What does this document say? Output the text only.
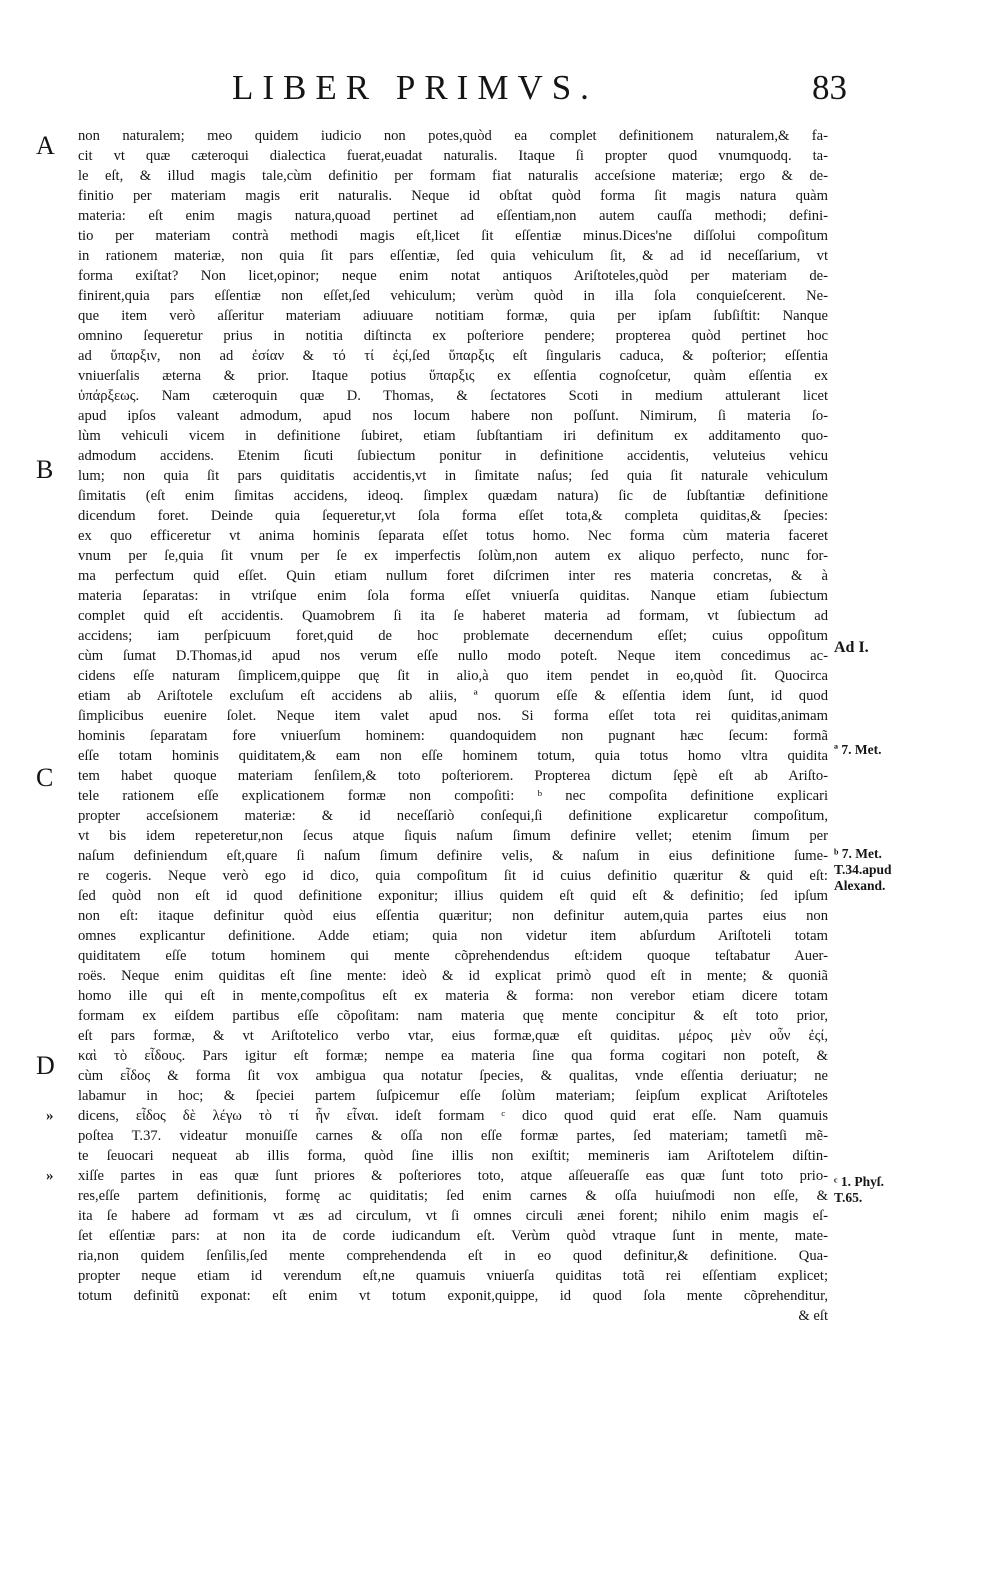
LIBER PRIMVS.	83
A
B
C
D
»
»
Ad I.
ª 7. Met.
ᵇ 7. Met.
T.34.apud
Alexand.
ᶜ 1. Phyſ.
T.65.
non naturalem; meo quidem iudicio non potes,quòd ea complet definitionem naturalem,& fa-
cit vt quæ cæteroqui dialectica fuerat,euadat naturalis. Itaque ſi propter quod vnumquodq. ta-
le eſt, & illud magis tale,cùm definitio per formam fiat naturalis acceſsione materiæ; ergo & de-
finitio per materiam magis erit naturalis. Neque id obſtat quòd forma ſit magis natura quàm
materia: eſt enim magis natura,quoad pertinet ad eſſentiam,non autem cauſſa methodi; defini-
tio per materiam contrà methodi magis eſt,licet ſit eſſentiæ minus.Dices'ne diſſolui compoſitum
in rationem materiæ, non quia ſit pars eſſentiæ, ſed quia vehiculum ſit, & ad id neceſſarium, vt
forma exiſtat? Non licet,opinor; neque enim notat antiquos Ariſtoteles,quòd per materiam de-
finirent,quia pars eſſentiæ non eſſet,ſed vehiculum; verùm quòd in illa ſola conquieſcerent. Ne-
que item verò aſſeritur materiam adiuuare notitiam formæ, quia per ipſam ſubſiſtit: Nanque
omnino ſequeretur prius in notitia diſtincta ex poſteriore pendere; propterea quòd pertinet hoc
ad ὕπαρξιν, non ad ἐσίαν & τό τί ἐςί,ſed ὕπαρξις eſt ſingularis caduca, & poſterior; eſſentia
vniuerſalis æterna & prior. Itaque potius ὕπαρξις ex eſſentia cognoſcetur, quàm eſſentia ex
ὑπάρξεως. Nam cæteroquin quæ D. Thomas, & ſectatores Scoti in medium attulerant licet
apud ipſos valeant admodum, apud nos locum habere non poſſunt. Nimirum, ſi materia ſo-
lùm vehiculi vicem in definitione ſubiret, etiam ſubſtantiam iri definitum ex additamento quo-
admodum accidens. Etenim ſicuti ſubiectum ponitur in definitione accidentis, veluteius vehicu
lum; non quia ſit pars quiditatis accidentis,vt in ſimitate naſus; ſed quia ſit naturale vehiculum
ſimitatis (eſt enim ſimitas accidens, ideoq. ſimplex quædam natura) ſic de ſubſtantiæ definitione
dicendum foret. Deinde quia ſequeretur,vt ſola forma eſſet tota,& completa quiditas,& ſpecies:
ex quo efficeretur vt anima hominis ſeparata eſſet totus homo. Nec forma cùm materia faceret
vnum per ſe,quia ſit vnum per ſe ex imperfectis ſolùm,non autem ex aliquo perfecto, nunc for-
ma perfectum quid eſſet. Quin etiam nullum foret diſcrimen inter res materia concretas, & à
materia ſeparatas: in vtriſque enim ſola forma eſſet vniuerſa quiditas. Nanque etiam ſubiectum
complet quid eſt accidentis. Quamobrem ſi ita ſe haberet materia ad formam, vt ſubiectum ad
accidens; iam perſpicuum foret,quid de hoc problemate decernendum eſſet; cuius oppoſitum
cùm ſumat D.Thomas,id apud nos verum eſſe nullo modo poteſt. Neque item concedimus ac-
cidens eſſe naturam ſimplicem,quippe quę ſit in alio,à quo item pendet in eo,quòd ſit. Quocirca
etiam ab Ariſtotele excluſum eſt accidens ab aliis, ª quorum eſſe & eſſentia idem ſunt, id quod
ſimplicibus euenire ſolet. Neque item valet apud nos. Si forma eſſet tota rei quiditas,animam
hominis ſeparatam fore vniuerſum hominem: quandoquidem non pugnant hæc ſecum: formã
eſſe totam hominis quiditatem,& eam non eſſe hominem totum, quia totus homo vltra quidita
tem habet quoque materiam ſenſilem,& toto poſteriorem. Propterea dictum ſępè eſt ab Ariſto-
tele rationem eſſe explicationem formæ non compoſiti: ᵇ nec compoſita definitione explicari
propter acceſsionem materiæ: & id neceſſariò conſequi,ſi definitione explicaretur compoſitum,
vt bis idem repeteretur,non ſecus atque ſiquis naſum ſimum definire vellet; etenim ſimum per
naſum definiendum eſt,quare ſi naſum ſimum definire velis, & naſum in eius definitione ſume-
re cogeris. Neque verò ego id dico, quia compoſitum ſit id cuius definitio quæritur & quid eſt:
ſed quòd non eſt id quod definitione exponitur; illius quidem eſt quid eſt & definitio; ſed ipſum
non eſt: itaque definitur quòd eius eſſentia quæritur; non definitur autem,quia partes eius non
omnes explicantur definitione. Adde etiam; quia non videtur item abſurdum Ariſtoteli totam
quiditatem eſſe totum hominem qui mente cõprehendendus eſt:idem quoque teſtabatur Auer-
roës. Neque enim quiditas eſt ſine mente: ideò & id explicat primò quod eſt in mente; & quoniã
homo ille qui eſt in mente,compoſitus eſt ex materia & forma: non verebor etiam dicere totam
formam ex eiſdem partibus eſſe cõpoſitam: nam materia quę mente concipitur & eſt toto prior,
eſt pars formæ, & vt Ariſtotelico verbo vtar, eius formæ,quæ eſt quiditas. μέρος μὲν οὖν ἐςί,
καὶ τὸ εἶδους. Pars igitur eſt formæ; nempe ea materia ſine qua forma cogitari non poteſt, &
cùm εἶδος & forma ſit vox ambigua qua notatur ſpecies, & qualitas, vnde eſſentia deriuatur; ne
labamur in hoc; & ſpeciei partem ſuſpicemur eſſe ſolùm materiam; ſeipſum explicat Ariſtoteles
dicens, εἶδος δὲ λέγω τὸ τί ἦν εἶναι. ideſt formam ᶜ dico quod quid erat eſſe. Nam quamuis
poſtea T.37. videatur monuiſſe carnes & oſſa non eſſe formæ partes, ſed materiam; tametſi mẽ-
te ſeuocari nequeat ab illis forma, quòd ſine illis non exiſtit; memineris iam Ariſtotelem diſtin-
xiſſe partes in eas quæ ſunt priores & poſteriores toto, atque aſſeueraſſe eas quæ ſunt toto prio-
res,eſſe partem definitionis, formę ac quiditatis; ſed enim carnes & oſſa huiuſmodi non eſſe, &
ita ſe habere ad formam vt æs ad circulum, vt ſi omnes circuli ænei forent; nihilo enim magis eſ-
ſet eſſentiæ pars: at non ita de corde iudicandum eſt. Verùm quòd vtraque ſunt in mente, mate-
ria,non quidem ſenſilis,ſed mente comprehendenda eſt in eo quod definitur,& definitione. Qua-
propter neque etiam id verendum eſt,ne quamuis vniuerſa quiditas totã rei eſſentiam explicet;
totum definitũ exponat: eſt enim vt totum exponit,quippe, id quod ſola mente cõprehenditur,
& eſt
